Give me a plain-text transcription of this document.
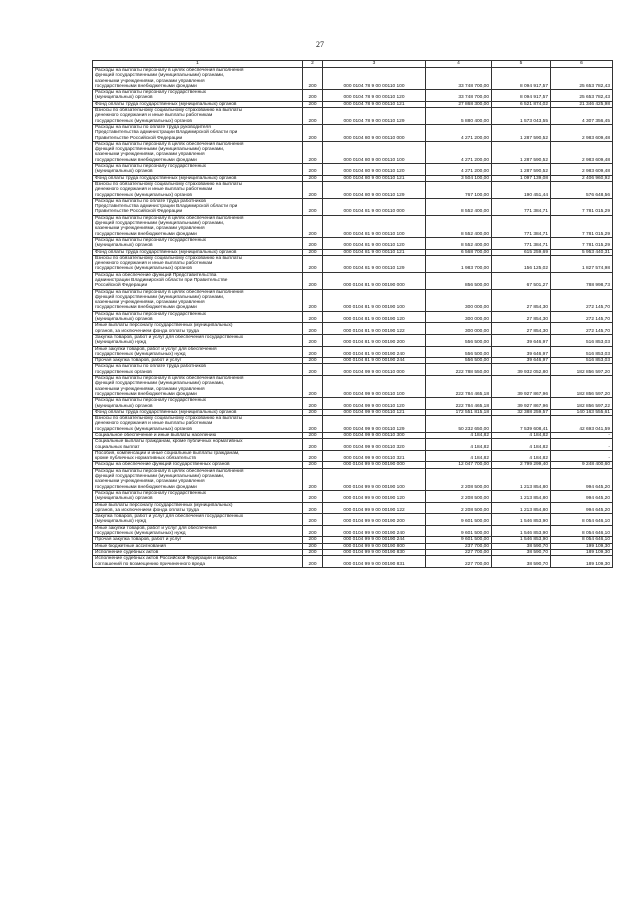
27
1	2	3	4	5	6
Расходы на выплаты персоналу в целях обеспечения выполнения
функций государственными (муниципальными) органами,
казенными учреждениями, органами управления
государственными внебюджетными фондами	200	000 0104 78 9 00 00110 100	33 748 700,00	8 094 917,57	25 653 782,43
Расходы на выплаты персоналу государственных
(муниципальных) органов	200	000 0104 78 9 00 00110 120	33 748 700,00	8 094 917,57	25 653 782,43
Фонд оплаты труда государственных (муниципальных) органов	200	000 0104 78 9 00 00110 121	27 868 300,00	6 521 874,02	21 346 425,98
Взносы по обязательному социальному страхованию на выплаты
денежного содержания и иные выплаты работникам
государственных (муниципальных) органов	200	000 0104 78 9 00 00110 129	5 880 400,00	1 573 043,55	4 307 356,45
Расходы на выплаты по оплате труда руководителя
Представительства администрации Владимирской области при
Правительстве Российской Федерации	200	000 0104 80 9 00 00110 000	4 271 200,00	1 287 590,52	2 983 609,48
Расходы на выплаты персоналу в целях обеспечения выполнения
функций государственными (муниципальными) органами,
казенными учреждениями, органами управления
государственными внебюджетными фондами	200	000 0104 80 9 00 00110 100	4 271 200,00	1 287 590,52	2 983 609,48
Расходы на выплаты персоналу государственных
(муниципальных) органов	200	000 0104 80 9 00 00110 120	4 271 200,00	1 287 590,52	2 983 609,48
Фонд оплаты труда государственных (муниципальных) органов	200	000 0104 80 9 00 00110 121	3 504 100,00	1 097 139,08	2 406 960,92
Взносы по обязательному социальному страхованию на выплаты
денежного содержания и иные выплаты работникам
государственных (муниципальных) органов	200	000 0104 80 9 00 00110 129	767 100,00	190 451,44	576 648,56
Расходы на выплаты по оплате труда работников
Представительства администрации Владимирской области при
Правительстве Российской Федерации	200	000 0104 81 9 00 00110 000	8 552 400,00	771 384,71	7 781 015,29
Расходы на выплаты персоналу в целях обеспечения выполнения
функций государственными (муниципальными) органами,
казенными учреждениями, органами управления
государственными внебюджетными фондами	200	000 0104 81 9 00 00110 100	8 552 400,00	771 384,71	7 781 015,29
Расходы на выплаты персоналу государственных
(муниципальных) органов	200	000 0104 81 9 00 00110 120	8 552 400,00	771 384,71	7 781 015,29
Фонд оплаты труда государственных (муниципальных) органов	200	000 0104 81 9 00 00110 121	6 568 700,00	615 259,69	5 953 440,31
Взносы по обязательному социальному страхованию на выплаты
денежного содержания и иные выплаты работникам
государственных (муниципальных) органов	200	000 0104 81 9 00 00110 129	1 983 700,00	156 125,02	1 827 574,98
Расходы на обеспечение функций Представительства
администрации Владимирской области при Правительстве
Российской Федерации	200	000 0104 81 9 00 00190 000	856 500,00	67 501,27	788 998,73
Расходы на выплаты персоналу в целях обеспечения выполнения
функций государственными (муниципальными) органами,
казенными учреждениями, органами управления
государственными внебюджетными фондами	200	000 0104 81 9 00 00190 100	300 000,00	27 854,30	272 145,70
Расходы на выплаты персоналу государственных
(муниципальных) органов	200	000 0104 81 9 00 00190 120	300 000,00	27 854,30	272 145,70
Иные выплаты персоналу государственных (муниципальных)
органов, за исключением фонда оплаты труда	200	000 0104 81 9 00 00190 122	300 000,00	27 854,30	272 145,70
Закупка товаров, работ и услуг для обеспечения государственных
(муниципальных) нужд	200	000 0104 81 9 00 00190 200	556 500,00	39 646,97	516 853,03
Иные закупки товаров, работ и услуг для обеспечения
государственных (муниципальных) нужд	200	000 0104 81 9 00 00190 240	556 500,00	39 646,97	516 853,03
Прочая закупка товаров, работ и услуг	200	000 0104 81 9 00 00190 244	556 500,00	39 646,97	516 853,03
Расходы на выплаты по оплате труда работников
государственных органов	200	000 0104 99 9 00 00110 000	222 788 550,00	39 932 052,80	182 856 597,20
Расходы на выплаты персоналу в целях обеспечения выполнения
функций государственными (муниципальными) органами,
казенными учреждениями, органами управления
государственными внебюджетными фондами	200	000 0104 99 9 00 00110 100	222 784 465,18	39 927 867,96	182 856 597,20
Расходы на выплаты персоналу государственных
(муниципальных) органов	200	000 0104 99 9 00 00110 120	222 784 465,18	39 927 867,96	182 856 597,22
Фонд оплаты труда государственных (муниципальных) органов	200	000 0104 99 9 00 00110 121	172 551 815,18	32 388 259,57	140 163 555,61
Взносы по обязательному социальному страхованию на выплаты
денежного содержания и иные выплаты работникам
государственных (муниципальных) органов	200	000 0104 99 9 00 00110 129	50 232 650,00	7 539 608,41	42 693 041,59
Социальное обеспечение и иные выплаты населению	200	000 0104 99 9 00 00110 300	4 184,82	4 184,82	-
Социальные выплаты гражданам, кроме публичных нормативных
социальных выплат	200	000 0104 99 9 00 00110 320	4 184,82	4 184,82	-
Пособия, компенсации и иные социальные выплаты гражданам,
кроме публичных нормативных обязательств	200	000 0104 99 9 00 00110 321	4 184,82	4 184,82	-
Расходы на обеспечение функций государственных органов	200	000 0104 99 9 00 00190 000	12 047 700,00	2 799 299,40	9 248 400,60
Расходы на выплаты персоналу в целях обеспечения выполнения
функций государственными (муниципальными) органами,
казенными учреждениями, органами управления
государственными внебюджетными фондами	200	000 0104 99 9 00 00190 100	2 208 500,00	1 213 854,80	994 645,20
Расходы на выплаты персоналу государственных
(муниципальных) органов	200	000 0104 99 9 00 00190 120	2 208 500,00	1 213 854,80	994 645,20
Иные выплаты персоналу государственных (муниципальных)
органов, за исключением фонда оплаты труда	200	000 0104 99 9 00 00190 122	2 208 500,00	1 213 854,80	994 645,20
Закупка товаров, работ и услуг для обеспечения государственных
(муниципальных) нужд	200	000 0104 99 9 00 00190 200	9 601 500,00	1 546 853,90	8 054 646,10
Иные закупки товаров, работ и услуг для обеспечения
государственных (муниципальных) нужд	200	000 0104 99 9 00 00190 240	9 601 500,00	1 546 853,90	8 054 646,10
Прочая закупка товаров, работ и услуг	200	000 0104 99 9 00 00190 244	9 601 500,00	1 546 853,90	8 054 646,10
Иные бюджетные ассигнования	200	000 0104 99 9 00 00190 800	237 700,00	38 590,70	199 109,30
Исполнение судебных актов	200	000 0104 99 9 00 00190 830	227 700,00	38 590,70	189 109,30
Исполнение судебных актов Российской Федерации и мировых
соглашений по возмещению причиненного вреда	200	000 0104 99 9 00 00190 831	227 700,00	38 590,70	189 109,30
